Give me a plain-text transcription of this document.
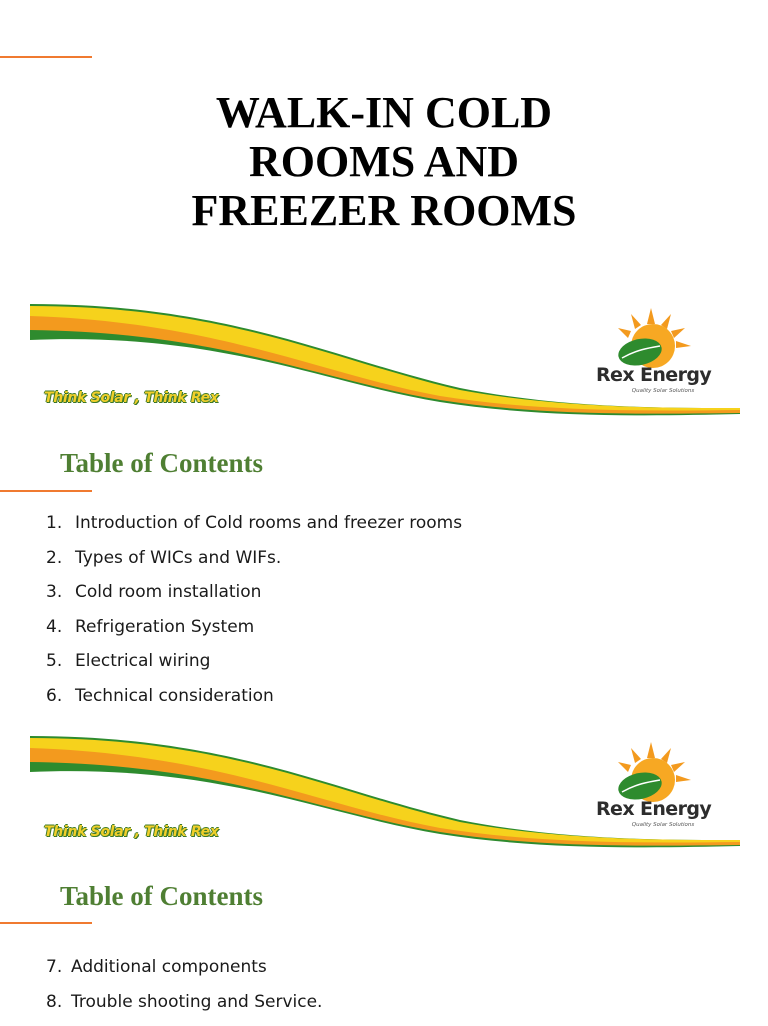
WALK-IN COLD
ROOMS AND
FREEZER ROOMS
Think Solar , Think Rex
Rex Energy
Quality Solar Solutions
Table of Contents
1. Introduction of Cold rooms and freezer rooms
2. Types of WICs and WIFs.
3. Cold room installation
4. Refrigeration System
5. Electrical wiring
6. Technical consideration
Think Solar , Think Rex
Rex Energy
Quality Solar Solutions
Table of Contents
7. Additional components
8. Trouble shooting and Service.
